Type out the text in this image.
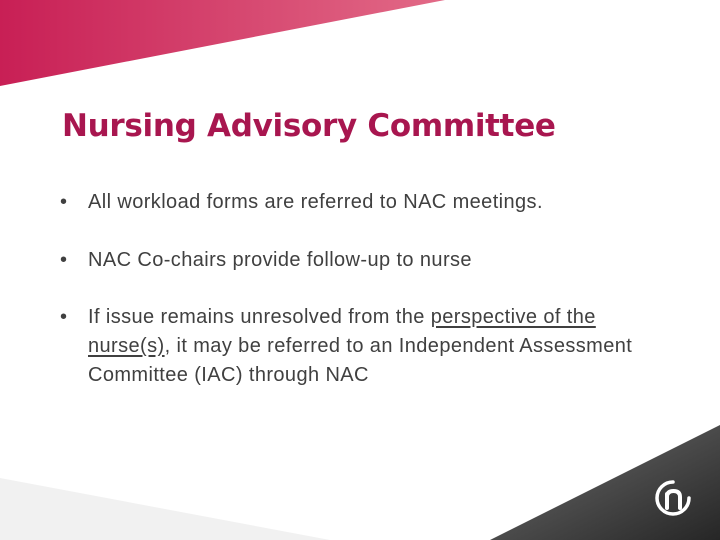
Nursing Advisory Committee
• All workload forms are referred to NAC meetings.
• NAC Co-chairs provide follow-up to nurse
• If issue remains unresolved from the perspective of the nurse(s), it may be referred to an Independent Assessment Committee (IAC) through NAC
